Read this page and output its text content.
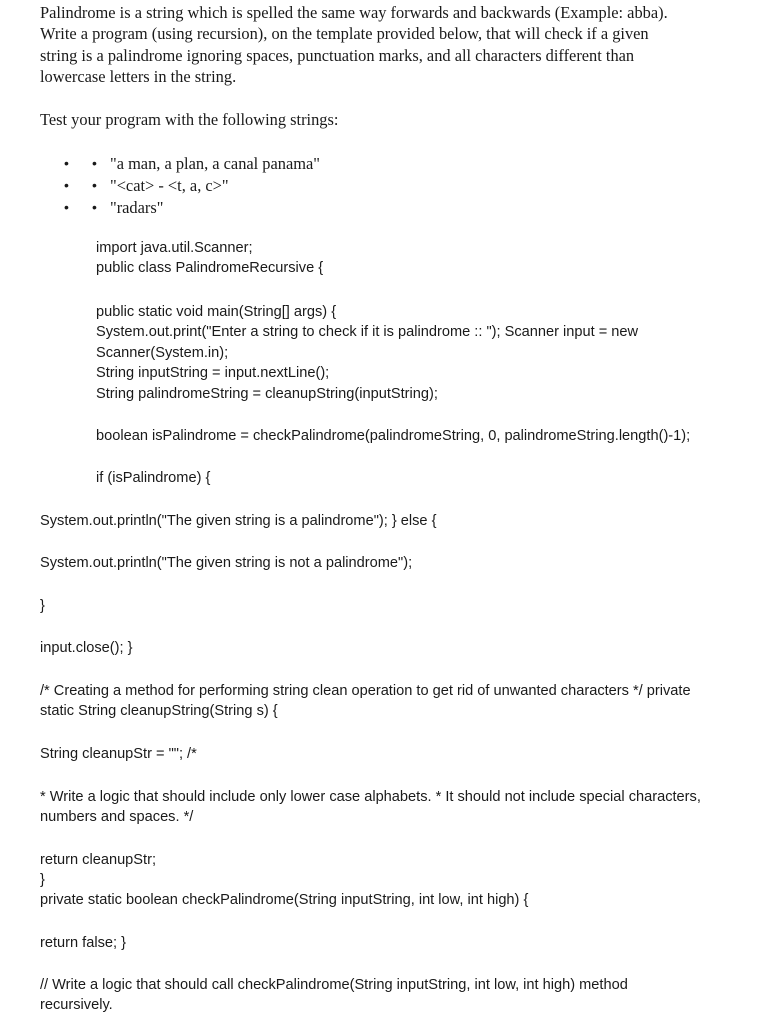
Palindrome is a string which is spelled the same way forwards and backwards (Example: abba).

Write a program (using recursion), on the template provided below, that will check if a given

string is a palindrome ignoring spaces, punctuation marks, and all characters different than

lowercase letters in the string.

Test your program with the following strings:

• • "a man, a plan, a canal panama"

• • "<cat> - <t, a, c>"

• • "radars"

import java.util.Scanner;

public class PalindromeRecursive {

public static void main(String[] args) {

System.out.print("Enter a string to check if it is palindrome :: "); Scanner input = new

Scanner(System.in);

String inputString = input.nextLine();

String palindromeString = cleanupString(inputString);

boolean isPalindrome = checkPalindrome(palindromeString, 0, palindromeString.length()-1);

if (isPalindrome) {

System.out.println("The given string is a palindrome"); } else {

System.out.println("The given string is not a palindrome");

}

input.close(); }

/* Creating a method for performing string clean operation to get rid of unwanted characters */ private

static String cleanupString(String s) {

String cleanupStr = ""; /*

* Write a logic that should include only lower case alphabets. * It should not include special characters,

numbers and spaces. */

return cleanupStr;

}

private static boolean checkPalindrome(String inputString, int low, int high) {

return false; }

// Write a logic that should call checkPalindrome(String inputString, int low, int high) method

recursively.
